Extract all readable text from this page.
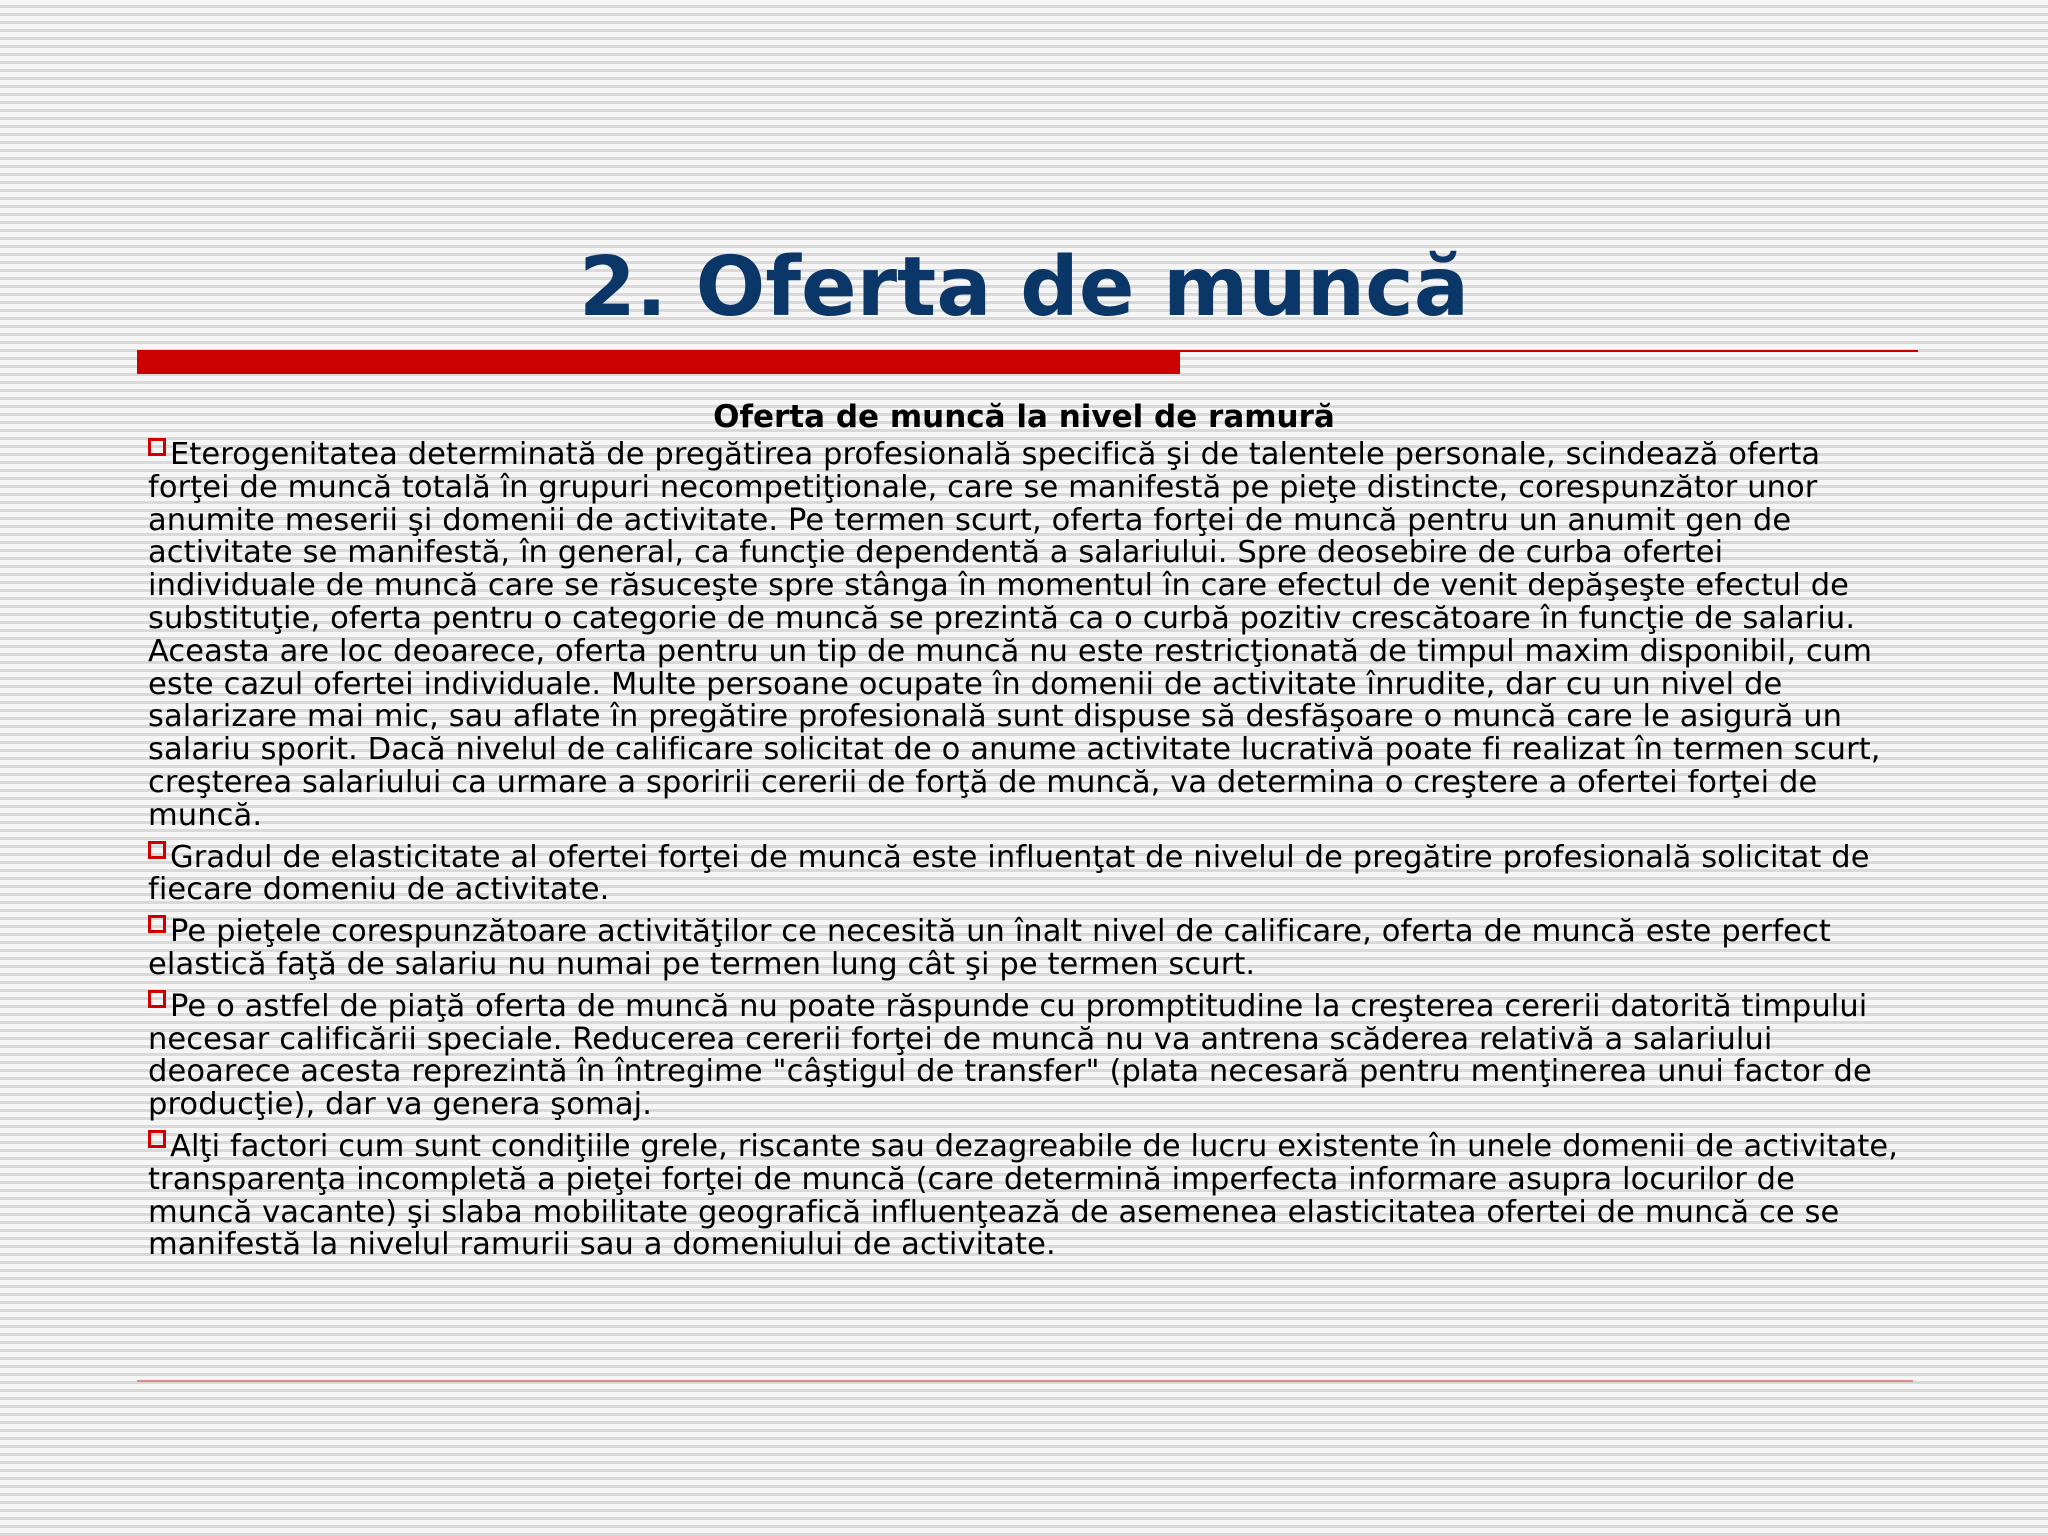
2. Oferta de muncă
Oferta de muncă la nivel de ramură
Eterogenitatea determinată de pregătirea profesională specifică şi de talentele personale, scindează oferta forţei de muncă totală în grupuri necompetiţionale, care se manifestă pe pieţe distincte, corespunzător unor anumite meserii şi domenii de activitate. Pe termen scurt, oferta forţei de muncă pentru un anumit gen de activitate se manifestă, în general, ca funcţie dependentă a salariului. Spre deosebire de curba ofertei individuale de muncă care se răsuceşte spre stânga în momentul în care efectul de venit depăşeşte efectul de substituţie, oferta pentru o categorie de muncă se prezintă ca o curbă pozitiv crescătoare în funcţie de salariu. Aceasta are loc deoarece, oferta pentru un tip de muncă nu este restricţionată de timpul maxim disponibil, cum este cazul ofertei individuale. Multe persoane ocupate în domenii de activitate înrudite, dar cu un nivel de salarizare mai mic, sau aflate în pregătire profesională sunt dispuse să desfăşoare o muncă care le asigură un salariu sporit. Dacă nivelul de calificare solicitat de o anume activitate lucrativă poate fi realizat în termen scurt, creşterea salariului ca urmare a sporirii cererii de forţă de muncă, va determina o creştere a ofertei forţei de muncă.
Gradul de elasticitate al ofertei forţei de muncă este influenţat de nivelul de pregătire profesională solicitat de fiecare domeniu de activitate.
Pe pieţele corespunzătoare activităţilor ce necesită un înalt nivel de calificare, oferta de muncă este perfect elastică faţă de salariu nu numai pe termen lung cât şi pe termen scurt.
Pe o astfel de piaţă oferta de muncă nu poate răspunde cu promptitudine la creşterea cererii datorită timpului necesar calificării speciale. Reducerea cererii forţei de muncă nu va antrena scăderea relativă a salariului deoarece acesta reprezintă în întregime "câştigul de transfer" (plata necesară pentru menţinerea unui factor de producţie), dar va genera şomaj.
Alţi factori cum sunt condiţiile grele, riscante sau dezagreabile de lucru existente în unele domenii de activitate, transparenţa incompletă a pieţei forţei de muncă (care determină imperfecta informare asupra locurilor de muncă vacante) şi slaba mobilitate geografică influenţează de asemenea elasticitatea ofertei de muncă ce se manifestă la nivelul ramurii sau a domeniului de activitate.
